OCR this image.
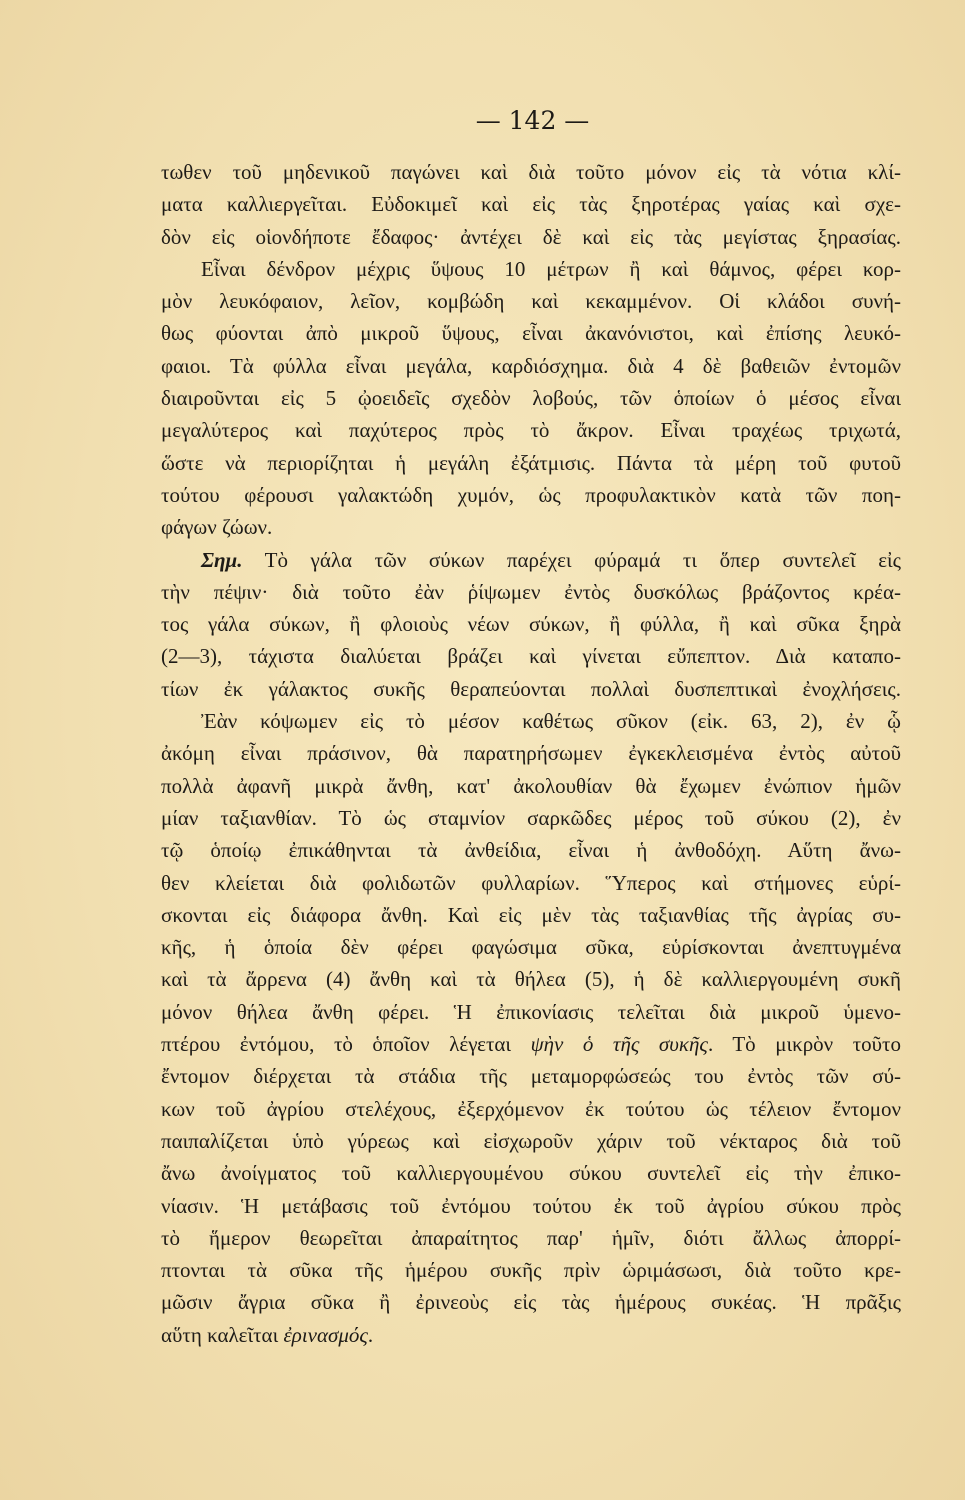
— 142 —
τωθεν τοῦ μηδενικοῦ παγώνει καὶ διὰ τοῦτο μόνον εἰς τὰ νότια κλί-
ματα καλλιεργεῖται. Εὐδοκιμεῖ καὶ εἰς τὰς ξηροτέρας γαίας καὶ σχε-
δὸν εἰς οἱονδήποτε ἔδαφος· ἀντέχει δὲ καὶ εἰς τὰς μεγίστας ξηρασίας.
Εἶναι δένδρον μέχρις ὕψους 10 μέτρων ἢ καὶ θάμνος, φέρει κορ-
μὸν λευκόφαιον, λεῖον, κομβώδη καὶ κεκαμμένον. Οἱ κλάδοι συνή-
θως φύονται ἀπὸ μικροῦ ὕψους, εἶναι ἀκανόνιστοι, καὶ ἐπίσης λευκό-
φαιοι. Τὰ φύλλα εἶναι μεγάλα, καρδιόσχημα. διὰ 4 δὲ βαθειῶν ἐντομῶν
διαιροῦνται εἰς 5 ᾠοειδεῖς σχεδὸν λοβούς, τῶν ὁποίων ὁ μέσος εἶναι
μεγαλύτερος καὶ παχύτερος πρὸς τὸ ἄκρον. Εἶναι τραχέως τριχωτά,
ὥστε νὰ περιορίζηται ἡ μεγάλη ἐξάτμισις. Πάντα τὰ μέρη τοῦ φυτοῦ
τούτου φέρουσι γαλακτώδη χυμόν, ὡς προφυλακτικὸν κατὰ τῶν ποη-
φάγων ζώων.
Σημ. Τὸ γάλα τῶν σύκων παρέχει φύραμά τι ὅπερ συντελεῖ εἰς
τὴν πέψιν· διὰ τοῦτο ἐὰν ῥίψωμεν ἐντὸς δυσκόλως βράζοντος κρέα-
τος γάλα σύκων, ἢ φλοιοὺς νέων σύκων, ἢ φύλλα, ἢ καὶ σῦκα ξηρὰ
(2—3), τάχιστα διαλύεται βράζει καὶ γίνεται εὔπεπτον. Διὰ καταπο-
τίων ἐκ γάλακτος συκῆς θεραπεύονται πολλαὶ δυσπεπτικαὶ ἐνοχλήσεις.
Ἐὰν κόψωμεν εἰς τὸ μέσον καθέτως σῦκον (εἰκ. 63, 2), ἐν ᾧ
ἀκόμη εἶναι πράσινον, θὰ παρατηρήσωμεν ἐγκεκλεισμένα ἐντὸς αὐτοῦ
πολλὰ ἀφανῆ μικρὰ ἄνθη, κατ' ἀκολουθίαν θὰ ἔχωμεν ἐνώπιον ἡμῶν
μίαν ταξιανθίαν. Τὸ ὡς σταμνίον σαρκῶδες μέρος τοῦ σύκου (2), ἐν
τῷ ὁποίῳ ἐπικάθηνται τὰ ἀνθείδια, εἶναι ἡ ἀνθοδόχη. Αὕτη ἄνω-
θεν κλείεται διὰ φολιδωτῶν φυλλαρίων. Ὕπερος καὶ στήμονες εὑρί-
σκονται εἰς διάφορα ἄνθη. Καὶ εἰς μὲν τὰς ταξιανθίας τῆς ἀγρίας συ-
κῆς, ἡ ὁποία δὲν φέρει φαγώσιμα σῦκα, εὑρίσκονται ἀνεπτυγμένα
καὶ τὰ ἄρρενα (4) ἄνθη καὶ τὰ θήλεα (5), ἡ δὲ καλλιεργουμένη συκῆ
μόνον θήλεα ἄνθη φέρει. Ἡ ἐπικονίασις τελεῖται διὰ μικροῦ ὑμενο-
πτέρου ἐντόμου, τὸ ὁποῖον λέγεται ψὴν ὁ τῆς συκῆς. Τὸ μικρὸν τοῦτο
ἔντομον διέρχεται τὰ στάδια τῆς μεταμορφώσεώς του ἐντὸς τῶν σύ-
κων τοῦ ἀγρίου στελέχους, ἐξερχόμενον ἐκ τούτου ὡς τέλειον ἔντομον
παιπαλίζεται ὑπὸ γύρεως καὶ εἰσχωροῦν χάριν τοῦ νέκταρος διὰ τοῦ
ἄνω ἀνοίγματος τοῦ καλλιεργουμένου σύκου συντελεῖ εἰς τὴν ἐπικο-
νίασιν. Ἡ μετάβασις τοῦ ἐντόμου τούτου ἐκ τοῦ ἀγρίου σύκου πρὸς
τὸ ἥμερον θεωρεῖται ἀπαραίτητος παρ' ἡμῖν, διότι ἄλλως ἀπορρί-
πτονται τὰ σῦκα τῆς ἡμέρου συκῆς πρὶν ὡριμάσωσι, διὰ τοῦτο κρε-
μῶσιν ἄγρια σῦκα ἢ ἐρινεοὺς εἰς τὰς ἡμέρους συκέας. Ἡ πρᾶξις
αὕτη καλεῖται ἐρινασμός.
